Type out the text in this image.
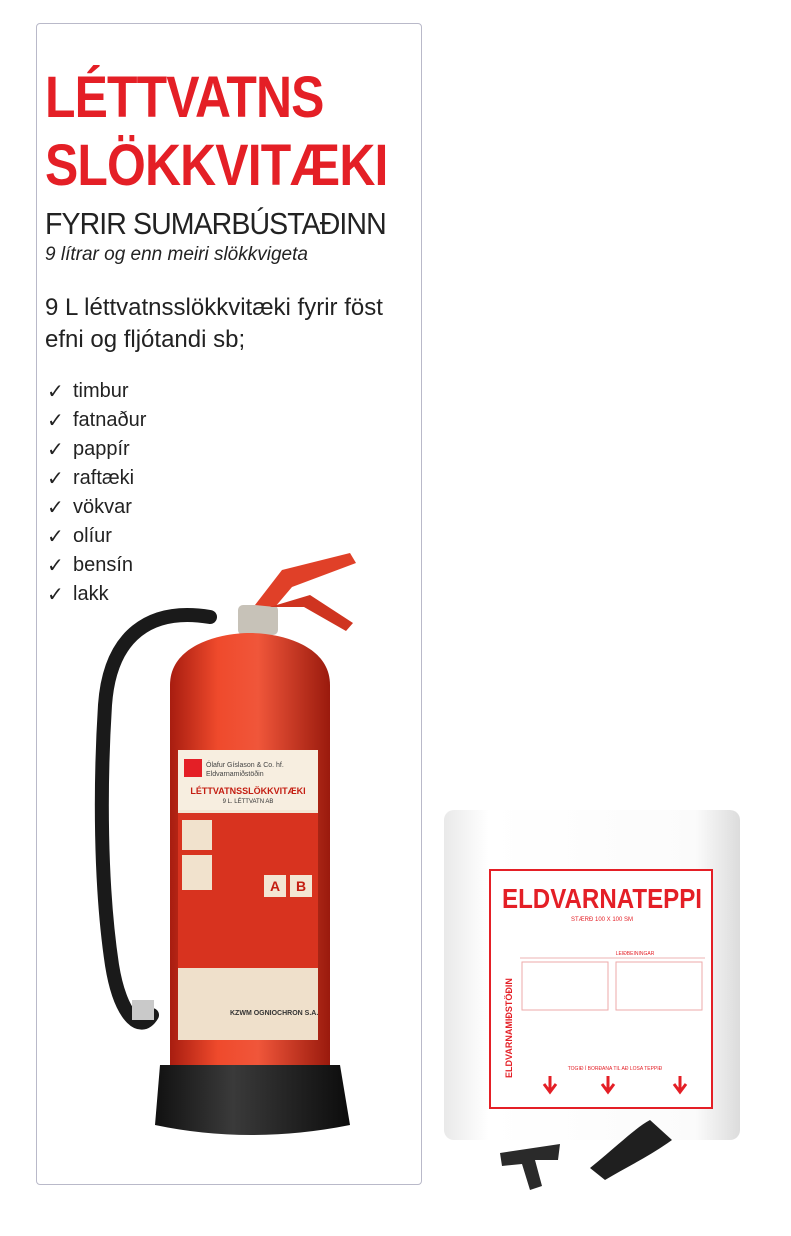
LÉTTVATNS
SLÖKKVITÆKI
FYRIR SUMARBÚSTAÐINN
9 lítrar og enn meiri slökkvigeta
9 L léttvatnsslökkvitæki fyrir föst efni og fljótandi sb;
✓ timbur
✓ fatnaður
✓ pappír
✓ raftæki
✓ vökvar
✓ olíur
✓ bensín
✓ lakk
Ólafur Gíslason & Co. hf.
Eldvarnamiðstöðin
LÉTTVATNSSLÖKKVITÆKI
9 L. LÉTTVATN AB
A B
KZWM OGNIOCHRON S.A.
ELDVARNATEPPI
STÆRÐ 100 X 100 SM
ELDVARNAMIÐSTÖÐIN
LEIÐBEININGAR
TOGIÐ Í BORÐANA TIL AÐ LOSA TEPPIÐ
